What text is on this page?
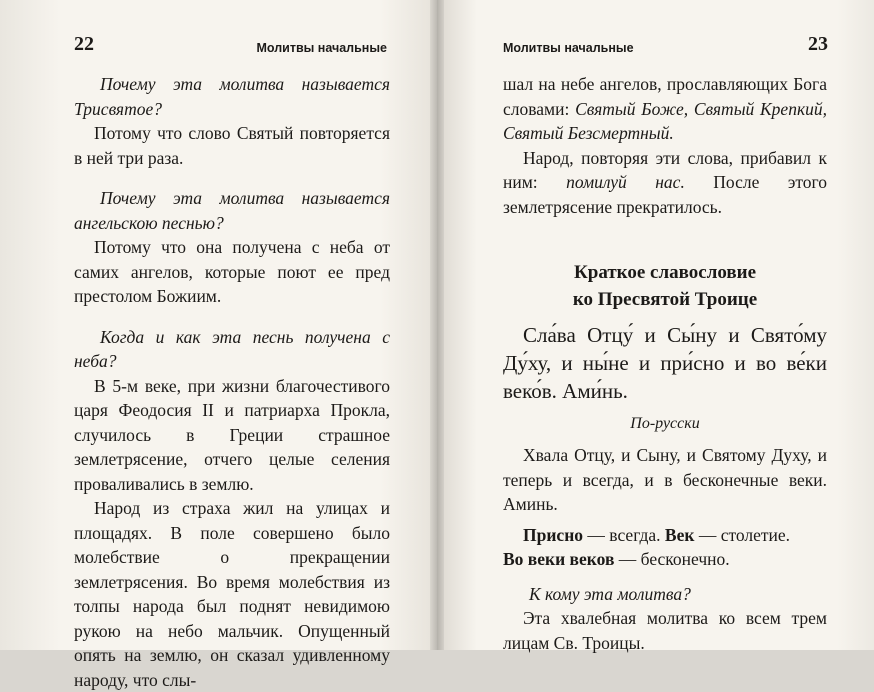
22	Молитвы начальные

Почему эта молитва называется Трисвятое?

Потому что слово Святый повторяется в ней три раза.

Почему эта молитва называется ангельскою песнью?

Потому что она получена с неба от самих ангелов, которые поют ее пред престолом Божиим.

Когда и как эта песнь получена с неба?

В 5-м веке, при жизни благочестивого царя Феодосия II и патриарха Прокла, случилось в Греции страшное землетрясение, отчего целые селения проваливались в землю.

Народ из страха жил на улицах и площадях. В поле совершено было молебствие о прекращении землетрясения. Во время молебствия из толпы народа был поднят невидимою рукою на небо мальчик. Опущенный опять на землю, он сказал удивленному народу, что слы-

Молитвы начальные	23

шал на небе ангелов, прославляющих Бога словами: Святый Боже, Святый Крепкий, Святый Безсмертный.

Народ, повторяя эти слова, прибавил к ним: помилуй нас. После этого землетрясение прекратилось.

Краткое славословие
ко Пресвятой Троице

Сла́ва Отцу́ и Сы́ну и Свято́му Ду́ху, и ны́не и при́сно и во ве́ки веко́в. Ами́нь.

По-русски

Хвала Отцу, и Сыну, и Святому Духу, и теперь и всегда, и в бесконечные веки. Аминь.

Присно — всегда. Век — столетие.

Во веки веков — бесконечно.

К кому эта молитва?

Эта хвалебная молитва ко всем трем лицам Св. Троицы.
